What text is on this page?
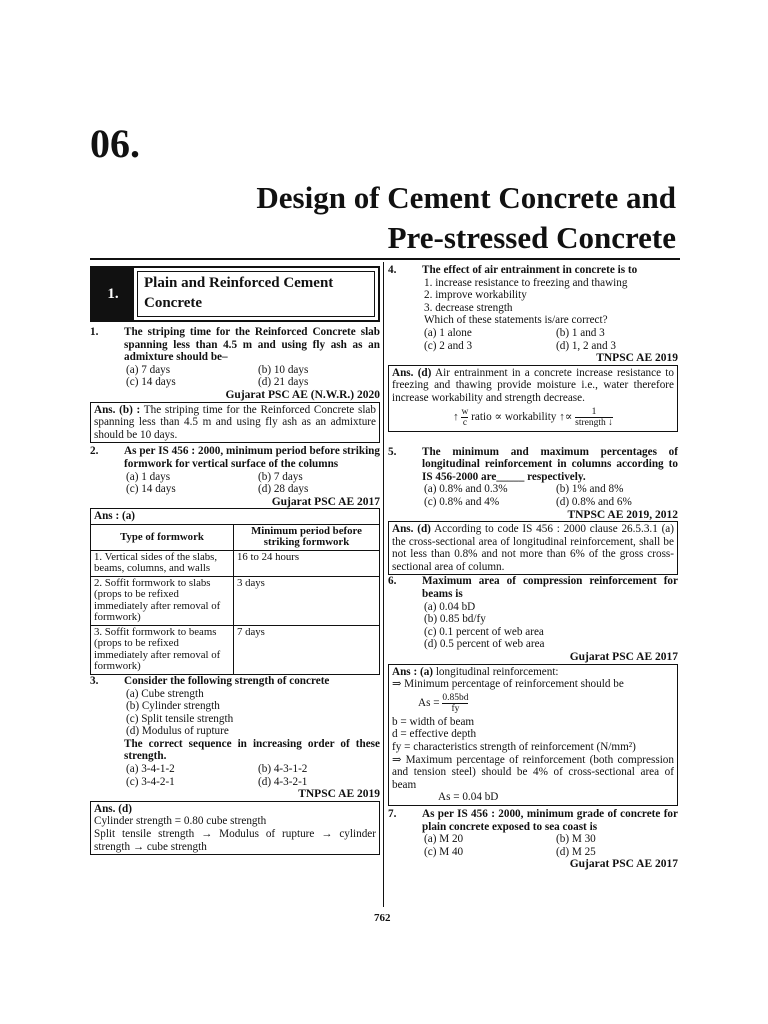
06.
Design of Cement Concrete and
Pre-stressed Concrete
1.
Plain and Reinforced Cement Concrete
1.	The striping time for the Reinforced Concrete slab spanning less than 4.5 m and using fly ash as an admixture should be–
(a) 7 days	(b) 10 days
(c) 14 days	(d) 21 days
Gujarat PSC AE (N.W.R.) 2020
Ans. (b) : The striping time for the Reinforced Concrete slab spanning less than 4.5 m and using fly ash as an admixture should be 10 days.
2.	As per IS 456 : 2000, minimum period before striking formwork for vertical surface of the columns
(a) 1 days	(b) 7 days
(c) 14 days	(d) 28 days
Gujarat PSC AE 2017
Ans : (a)
Type of formwork	Minimum period before striking formwork
1. Vertical sides of the slabs, beams, columns, and walls	16 to 24 hours
2. Soffit formwork to slabs (props to be refixed immediately after removal of formwork)	3 days
3. Soffit formwork to beams (props to be refixed immediately after removal of formwork)	7 days
3.	Consider the following strength of concrete
(a) Cube strength
(b) Cylinder strength
(c) Split tensile strength
(d) Modulus of rupture
The correct sequence in increasing order of these strength.
(a) 3-4-1-2	(b) 4-3-1-2
(c) 3-4-2-1	(d) 4-3-2-1
TNPSC AE 2019
Ans. (d)
Cylinder strength = 0.80 cube strength
Split tensile strength → Modulus of rupture → cylinder strength → cube strength
4.	The effect of air entrainment in concrete is to
1. increase resistance to freezing and thawing
2. improve workability
3. decrease strength
Which of these statements is/are correct?
(a) 1 alone	(b) 1 and 3
(c) 2 and 3	(d) 1, 2 and 3
TNPSC AE 2019
Ans. (d) Air entrainment in a concrete increase resistance to freezing and thawing provide moisture i.e., water therefore increase workability and strength decrease.
↑ $\frac{w}{c}$ ratio ∝ workability ↑∝ $\frac{1}{\text{strength ↓}}$
5.	The minimum and maximum percentages of longitudinal reinforcement in columns according to IS 456-2000 are_____ respectively.
(a) 0.8% and 0.3%	(b) 1% and 8%
(c) 0.8% and 4%	(d) 0.8% and 6%
TNPSC AE 2019, 2012
Ans. (d) According to code IS 456 : 2000 clause 26.5.3.1 (a) the cross-sectional area of longitudinal reinforcement, shall be not less than 0.8% and not more than 6% of the gross cross-sectional area of column.
6.	Maximum area of compression reinforcement for beams is
(a) 0.04 bD
(b) 0.85 bd/fy
(c) 0.1 percent of web area
(d) 0.5 percent of web area
Gujarat PSC AE 2017
Ans : (a) longitudinal reinforcement:
⇒ Minimum percentage of reinforcement should be
$As = \frac{0.85bd}{fy}$
b = width of beam
d = effective depth
fy = characteristics strength of reinforcement (N/mm²)
⇒ Maximum percentage of reinforcement (both compression and tension steel) should be 4% of cross-sectional area of beam
As = 0.04 bD
7.	As per IS 456 : 2000, minimum grade of concrete for plain concrete exposed to sea coast is
(a) M 20	(b) M 30
(c) M 40	(d) M 25
Gujarat PSC AE 2017
762
